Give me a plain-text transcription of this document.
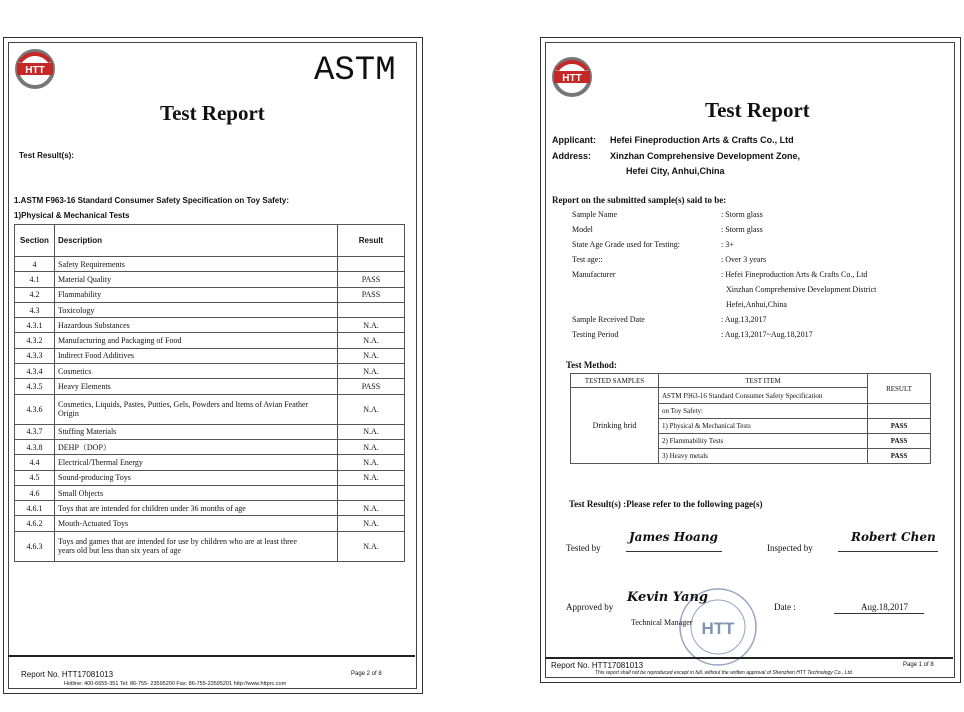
HTT	ASTM
Test Report
Test Result(s):
1.ASTM F963-16 Standard Consumer Safety Specification on Toy Safety:
1)Physical & Mechanical Tests
Section	Description	Result
4	Safety Requirements	

4.1	Material Quality	PASS
4.2	Flammability	PASS
4.3	Toxicology	

4.3.1	Hazardous Substances	N.A.
4.3.2	Manufacturing and Packaging of Food	N.A.
4.3.3	Indirect Food Additives	N.A.
4.3.4	Cosmetics	N.A.
4.3.5	Heavy Elements	PASS
4.3.6	Cosmetics, Liquids, Pastes, Putties, Gels, Powders and Items of Avian Feather
Origin	N.A.
4.3.7	Stuffing Materials	N.A.
4.3.8	DEHP（DOP）	N.A.
4.4	Electrical/Thermal Energy	N.A.
4.5	Sound-producing Toys	N.A.
4.6	Small Objects	

4.6.1	Toys that are intended for children under 36 months of age	N.A.
4.6.2	Mouth-Actuated Toys	N.A.
4.6.3	Toys and games that are intended for use by children who are at least three
years old but less than six years of age	N.A.
Report No. HTT17081013	Page 2 of 8
Hotline: 400-6655-351 Tel: 86-755- 23595200 Fax: 86-755-23595201 http://www.httprc.com
HTT
Test Report
Applicant: Hefei Fineproduction Arts & Crafts Co., Ltd
Address: Xinzhan Comprehensive Development Zone,
Hefei City, Anhui,China
Report on the submitted sample(s) said to be:
Sample Name	: Storm glass
Model	: Storm glass
State Age Grade used for Testing:	: 3+
Test age::	: Over 3 years
Manufacturer	: Hefei Fineproduction Arts & Crafts Co., Ltd
Xinzhan Comprehensive Development District
Hefei,Anhui,China
Sample Received Date	: Aug.13,2017
Testing Period	: Aug.13,2017~Aug.18,2017
Test Method:
TESTED SAMPLES	TEST ITEM	RESULT
Drinking brid	ASTM F963-16 Standard Consumer Safety Specification	
	on Toy Safety:	
	1) Physical & Mechanical Tests	PASS
	2) Flammability Tests	PASS
	3) Heavy metals	PASS
Test Result(s) :Please refer to the following page(s)
Tested by
James Hoang
Inspected by
Robert Chen
Approved by
Kevin Yang
Technical Manager HTT
Date :	Aug.18,2017
Report No. HTT17081013	Page 1 of 8
This report shall not be reproduced except in full, without the written approval of Shenzhen HTT Technology Co., Ltd.
